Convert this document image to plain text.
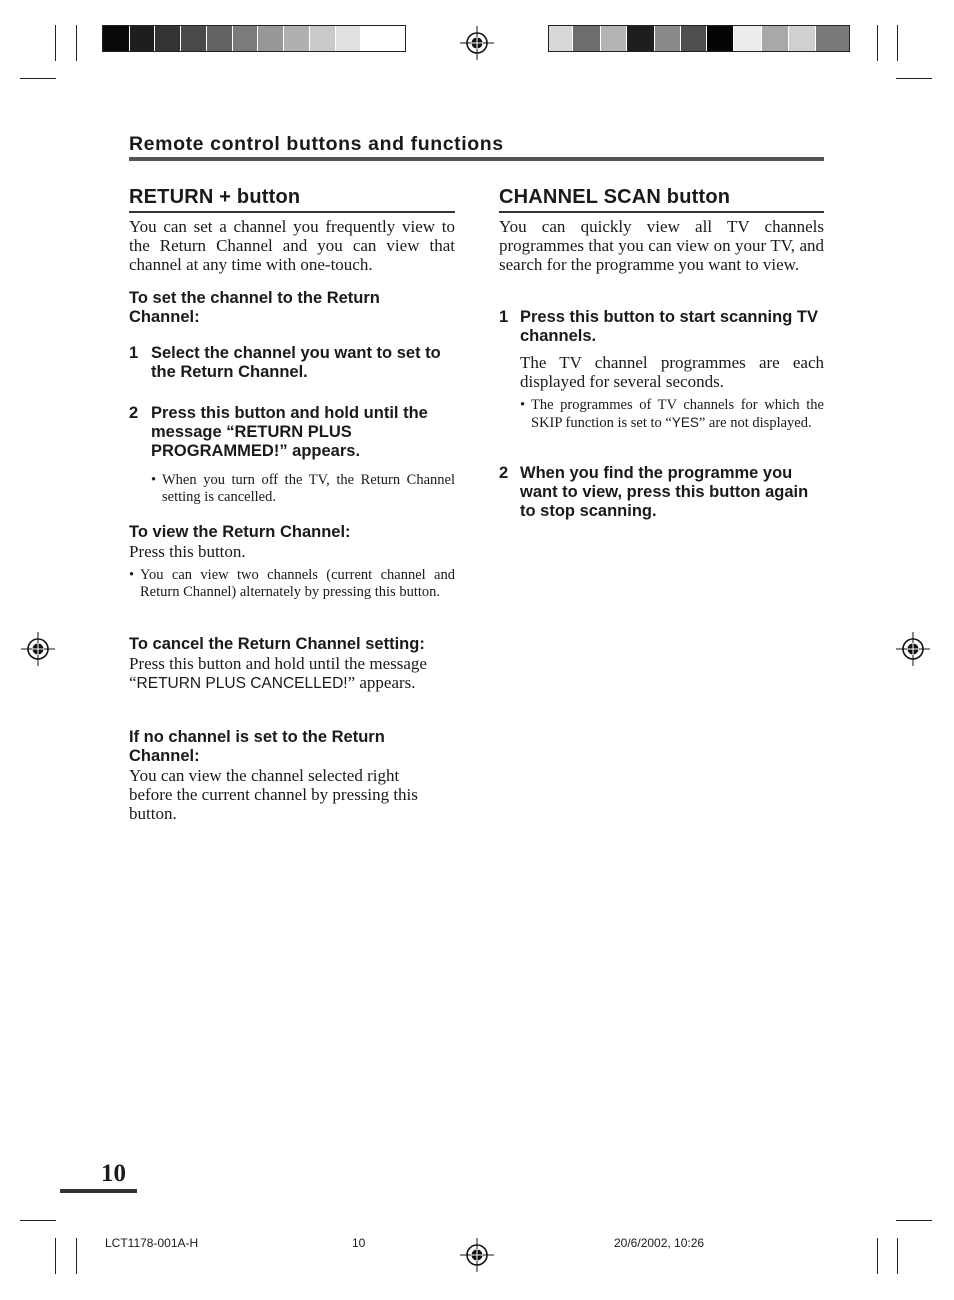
Remote control buttons and functions
RETURN + button
You can set a channel you frequently view to the Return Channel and you can view that channel at any time with one-touch.
To set the channel to the Return Channel:
1 Select the channel you want to set to the Return Channel.
2 Press this button and hold until the message “RETURN PLUS PROGRAMMED!” appears.
• When you turn off the TV, the Return Channel setting is cancelled.
To view the Return Channel:
Press this button.
• You can view two channels (current channel and Return Channel) alternately by pressing this button.
To cancel the Return Channel setting:
Press this button and hold until the message “RETURN PLUS CANCELLED!” appears.
If no channel is set to the Return Channel:
You can view the channel selected right before the current channel by pressing this button.
CHANNEL SCAN button
You can quickly view all TV channels programmes that you can view on your TV, and search for the programme you want to view.
1 Press this button to start scanning TV channels.
The TV channel programmes are each displayed for several seconds.
• The programmes of TV channels for which the SKIP function is set to “YES” are not displayed.
2 When you find the programme you want to view, press this button again to stop scanning.
10
LCT1178-001A-H	10	20/6/2002, 10:26
